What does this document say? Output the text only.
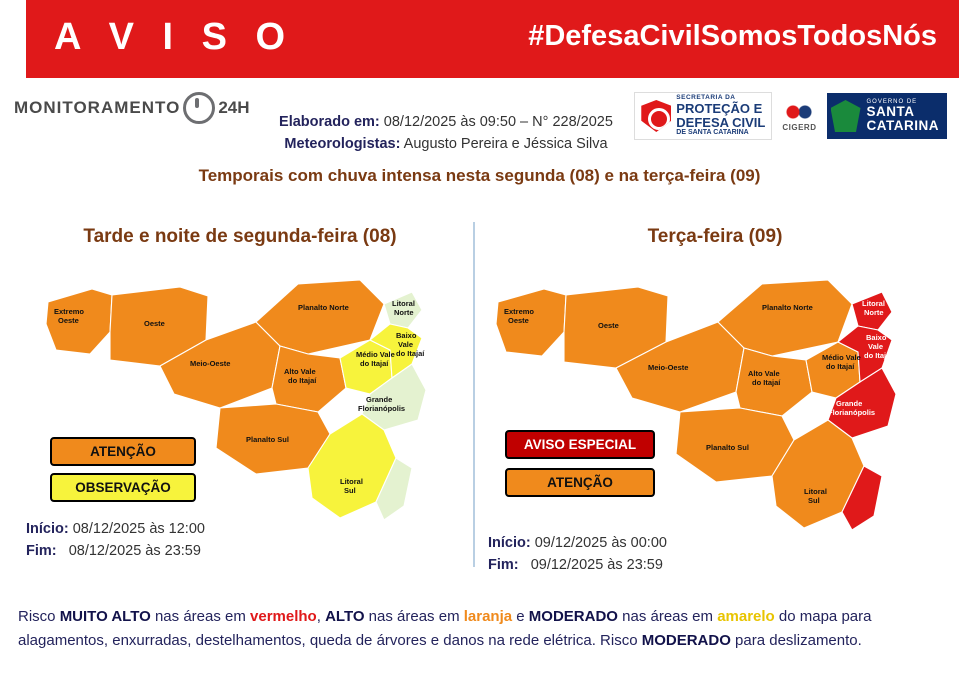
A V I S O	#DefesaCivilSomosTodosNós
MONITORAMENTO 24H
Elaborado em: 08/12/2025 às 09:50 – N° 228/2025
Meteorologistas: Augusto Pereira e Jéssica Silva
SECRETARIA DA
PROTEÇÃO E
DEFESA CIVIL
DE SANTA CATARINA
CIGERD
GOVERNO DE
SANTA
CATARINA
Temporais com chuva intensa nesta segunda (08) e na terça-feira (09)
Tarde e noite de segunda-feira (08)	Terça-feira (09)
Extremo
Oeste	Oeste
Meio-Oeste
Planalto Norte
Alto Vale
do Itajaí
Médio Vale
do Itajaí
Litoral
Norte
Baixo
Vale
do Itajaí
Grande
Florianópolis
Planalto Sul
Litoral
Sul
ATENÇÃO
OBSERVAÇÃO
Início: 08/12/2025 às 12:00
Fim: 08/12/2025 às 23:59
Extremo
Oeste
Oeste
Meio-Oeste
Planalto Norte
Alto Vale
do Itajaí
Médio Vale
do Itajaí
Litoral
Norte
Baixo
Vale
do Itajaí
Grande
Florianópolis
Planalto Sul
Litoral
Sul
AVISO ESPECIAL
ATENÇÃO
Início: 09/12/2025 às 00:00
Fim: 09/12/2025 às 23:59
Risco MUITO ALTO nas áreas em vermelho, ALTO nas áreas em laranja e MODERADO nas áreas em amarelo do mapa para alagamentos, enxurradas, destelhamentos, queda de árvores e danos na rede elétrica. Risco MODERADO para deslizamento.
